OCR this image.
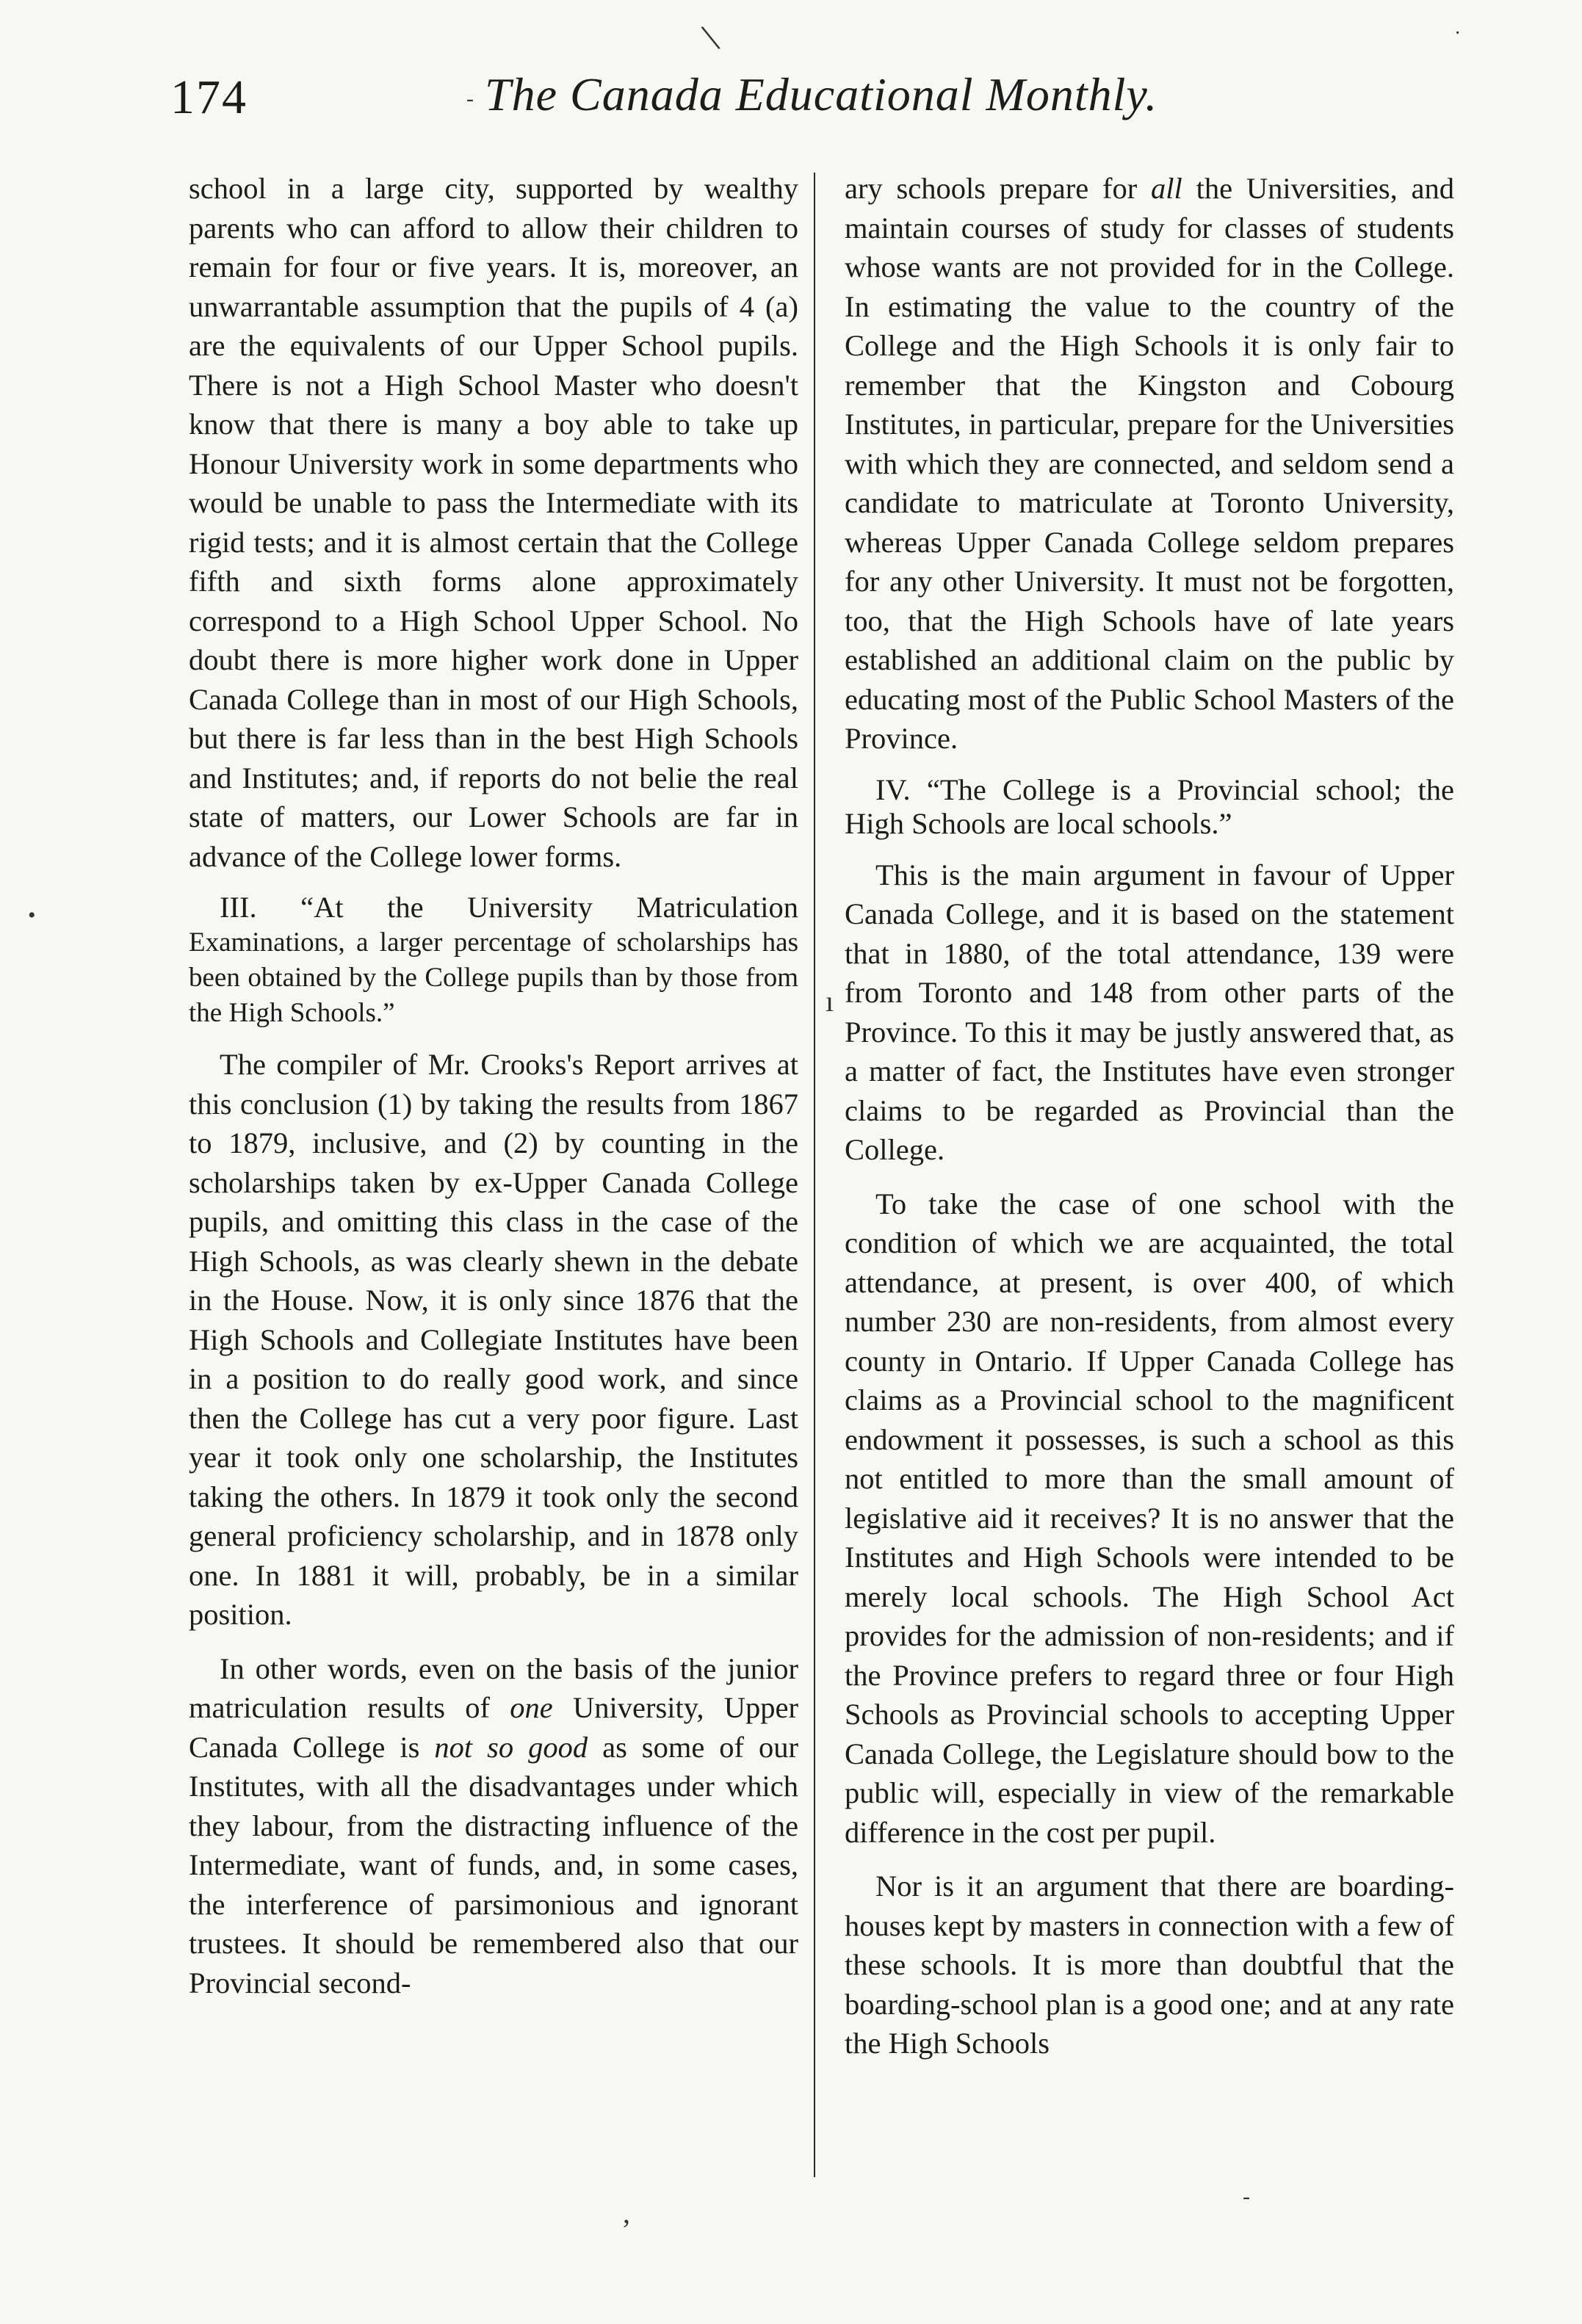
174	The Canada Educational Monthly.

school in a large city, supported by wealthy parents who can afford to allow their children to remain for four or five years. It is, moreover, an unwarrantable assumption that the pupils of 4 (a) are the equivalents of our Upper School pupils. There is not a High School Master who doesn't know that there is many a boy able to take up Honour University work in some departments who would be unable to pass the Intermediate with its rigid tests; and it is almost certain that the College fifth and sixth forms alone approximately correspond to a High School Upper School. No doubt there is more higher work done in Upper Canada College than in most of our High Schools, but there is far less than in the best High Schools and Institutes; and, if reports do not belie the real state of matters, our Lower Schools are far in advance of the College lower forms.

III. “At the University Matriculation Examinations, a larger percentage of scholarships has been obtained by the College pupils than by those from the High Schools.”

The compiler of Mr. Crooks's Report arrives at this conclusion (1) by taking the results from 1867 to 1879, inclusive, and (2) by counting in the scholarships taken by ex-Upper Canada College pupils, and omitting this class in the case of the High Schools, as was clearly shewn in the debate in the House. Now, it is only since 1876 that the High Schools and Collegiate Institutes have been in a position to do really good work, and since then the College has cut a very poor figure. Last year it took only one scholarship, the Institutes taking the others. In 1879 it took only the second general proficiency scholarship, and in 1878 only one. In 1881 it will, probably, be in a similar position.

In other words, even on the basis of the junior matriculation results of one University, Upper Canada College is not so good as some of our Institutes, with all the disadvantages under which they labour, from the distracting influence of the Intermediate, want of funds, and, in some cases, the interference of parsimonious and ignorant trustees. It should be remembered also that our Provincial second-

ary schools prepare for all the Universities, and maintain courses of study for classes of students whose wants are not provided for in the College. In estimating the value to the country of the College and the High Schools it is only fair to remember that the Kingston and Cobourg Institutes, in particular, prepare for the Universities with which they are connected, and seldom send a candidate to matriculate at Toronto University, whereas Upper Canada College seldom prepares for any other University. It must not be forgotten, too, that the High Schools have of late years established an additional claim on the public by educating most of the Public School Masters of the Province.

IV. “The College is a Provincial school; the High Schools are local schools.”

This is the main argument in favour of Upper Canada College, and it is based on the statement that in 1880, of the total attendance, 139 were from Toronto and 148 from other parts of the Province. To this it may be justly answered that, as a matter of fact, the Institutes have even stronger claims to be regarded as Provincial than the College.

To take the case of one school with the condition of which we are acquainted, the total attendance, at present, is over 400, of which number 230 are non-residents, from almost every county in Ontario. If Upper Canada College has claims as a Provincial school to the magnificent endowment it possesses, is such a school as this not entitled to more than the small amount of legislative aid it receives? It is no answer that the Institutes and High Schools were intended to be merely local schools. The High School Act provides for the admission of non-residents; and if the Province prefers to regard three or four High Schools as Provincial schools to accepting Upper Canada College, the Legislature should bow to the public will, especially in view of the remarkable difference in the cost per pupil.

Nor is it an argument that there are boarding-houses kept by masters in connection with a few of these schools. It is more than doubtful that the boarding-school plan is a good one; and at any rate the High Schools

•
-
,	-
·
\
ı
